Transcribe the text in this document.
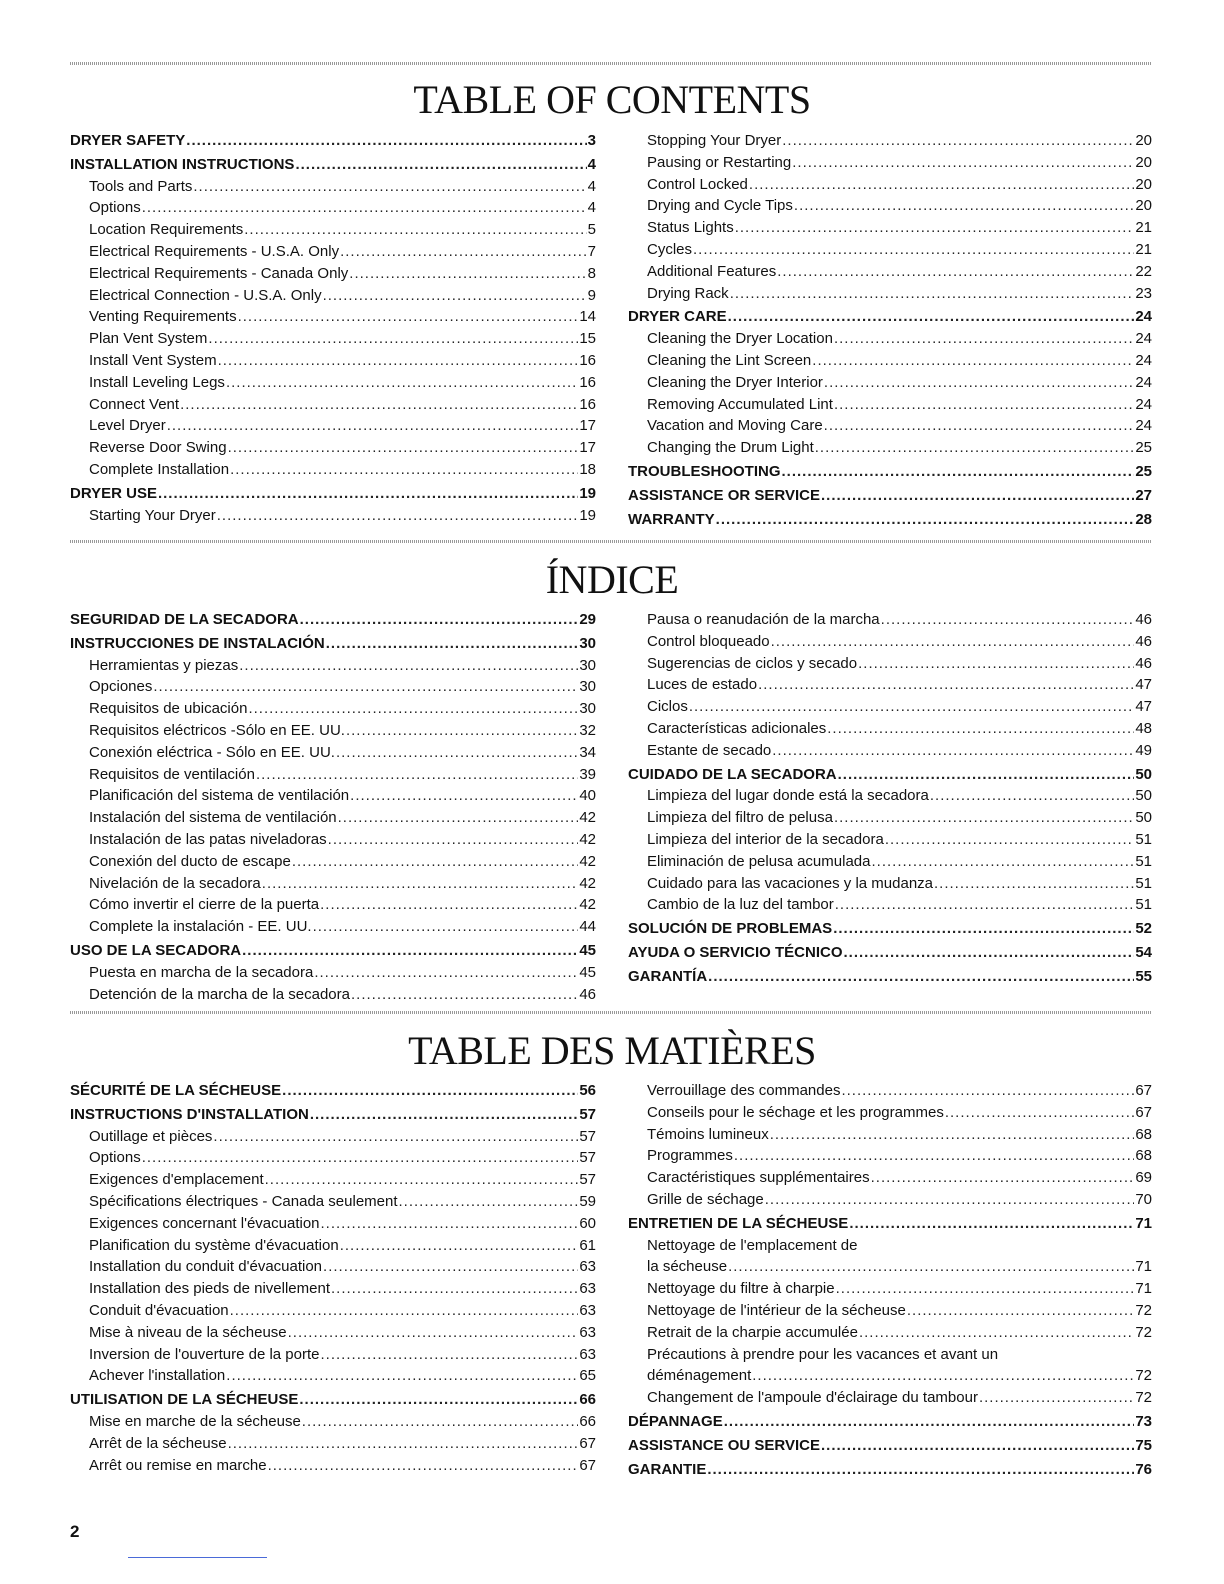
TABLE OF CONTENTS
DRYER SAFETY .....	3
INSTALLATION INSTRUCTIONS .....	4
Tools and Parts .....	4
Options .....	4
Location Requirements .....	5
Electrical Requirements - U.S.A. Only .....	7
Electrical Requirements - Canada Only .....	8
Electrical Connection - U.S.A. Only .....	9
Venting Requirements .....	14
Plan Vent System .....	15
Install Vent System .....	16
Install Leveling Legs .....	16
Connect Vent .....	16
Level Dryer .....	17
Reverse Door Swing .....	17
Complete Installation .....	18
DRYER USE .....	19
Starting Your Dryer .....	19
Stopping Your Dryer .....	20
Pausing or Restarting .....	20
Control Locked .....	20
Drying and Cycle Tips .....	20
Status Lights .....	21
Cycles .....	21
Additional Features .....	22
Drying Rack .....	23
DRYER CARE .....	24
Cleaning the Dryer Location .....	24
Cleaning the Lint Screen .....	24
Cleaning the Dryer Interior .....	24
Removing Accumulated Lint .....	24
Vacation and Moving Care .....	24
Changing the Drum Light .....	25
TROUBLESHOOTING .....	25
ASSISTANCE OR SERVICE .....	27
WARRANTY .....	28
ÍNDICE
SEGURIDAD DE LA SECADORA .....	29
INSTRUCCIONES DE INSTALACIÓN .....	30
Herramientas y piezas .....	30
Opciones .....	30
Requisitos de ubicación .....	30
Requisitos eléctricos -Sólo en EE. UU. .....	32
Conexión eléctrica - Sólo en EE. UU. .....	34
Requisitos de ventilación .....	39
Planificación del sistema de ventilación .....	40
Instalación del sistema de ventilación .....	42
Instalación de las patas niveladoras .....	42
Conexión del ducto de escape .....	42
Nivelación de la secadora .....	42
Cómo invertir el cierre de la puerta .....	42
Complete la instalación - EE. UU. .....	44
USO DE LA SECADORA .....	45
Puesta en marcha de la secadora .....	45
Detención de la marcha de la secadora .....	46
Pausa o reanudación de la marcha .....	46
Control bloqueado .....	46
Sugerencias de ciclos y secado .....	46
Luces de estado .....	47
Ciclos .....	47
Características adicionales .....	48
Estante de secado .....	49
CUIDADO DE LA SECADORA .....	50
Limpieza del lugar donde está la secadora .....	50
Limpieza del filtro de pelusa .....	50
Limpieza del interior de la secadora .....	51
Eliminación de pelusa acumulada .....	51
Cuidado para las vacaciones y la mudanza .....	51
Cambio de la luz del tambor .....	51
SOLUCIÓN DE PROBLEMAS .....	52
AYUDA O SERVICIO TÉCNICO .....	54
GARANTÍA .....	55
TABLE DES MATIÈRES
SÉCURITÉ DE LA SÉCHEUSE .....	56
INSTRUCTIONS D'INSTALLATION .....	57
Outillage et pièces .....	57
Options .....	57
Exigences d'emplacement .....	57
Spécifications électriques - Canada seulement .....	59
Exigences concernant l'évacuation .....	60
Planification du système d'évacuation .....	61
Installation du conduit d'évacuation .....	63
Installation des pieds de nivellement .....	63
Conduit d'évacuation .....	63
Mise à niveau de la sécheuse .....	63
Inversion de l'ouverture de la porte .....	63
Achever l'installation .....	65
UTILISATION DE LA SÉCHEUSE .....	66
Mise en marche de la sécheuse .....	66
Arrêt de la sécheuse .....	67
Arrêt ou remise en marche .....	67
Verrouillage des commandes .....	67
Conseils pour le séchage et les programmes .....	67
Témoins lumineux .....	68
Programmes .....	68
Caractéristiques supplémentaires .....	69
Grille de séchage .....	70
ENTRETIEN DE LA SÉCHEUSE .....	71
Nettoyage de l'emplacement de
la sécheuse .....	71
Nettoyage du filtre à charpie .....	71
Nettoyage de l'intérieur de la sécheuse .....	72
Retrait de la charpie accumulée .....	72
Précautions à prendre pour les vacances et avant un
déménagement .....	72
Changement de l'ampoule d'éclairage du tambour .....	72
DÉPANNAGE .....	73
ASSISTANCE OU SERVICE .....	75
GARANTIE .....	76
2
